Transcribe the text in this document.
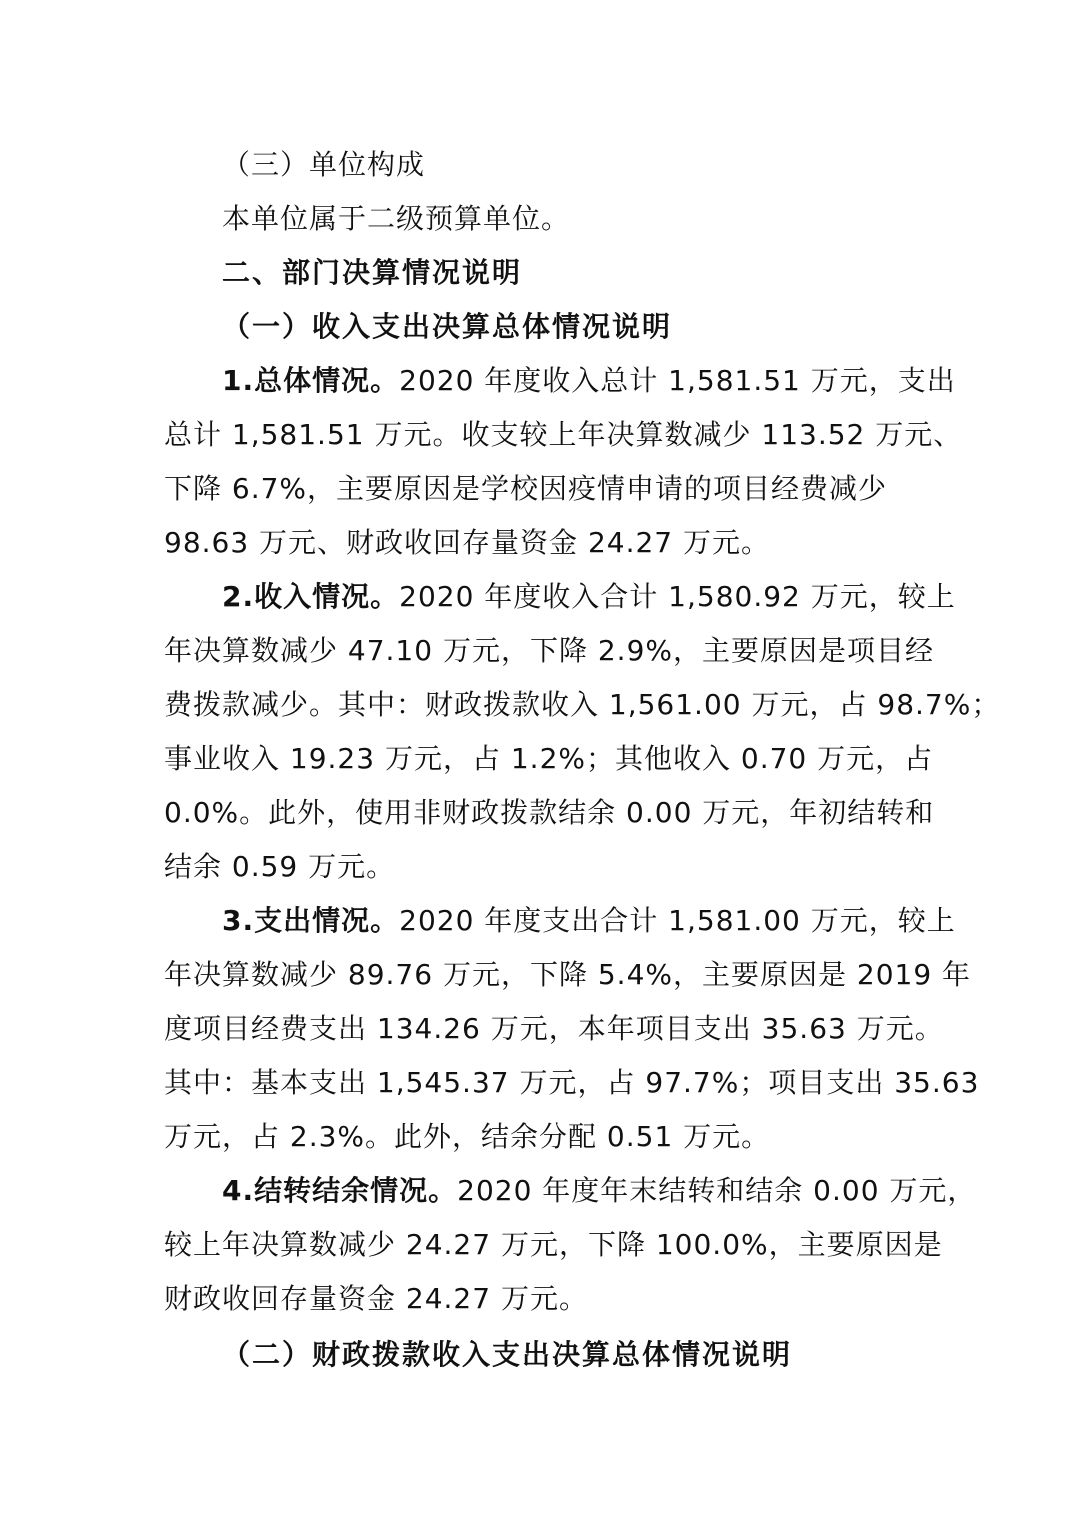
（三）单位构成

本单位属于二级预算单位。

二、部门决算情况说明

（一）收入支出决算总体情况说明

1.总体情况。2020 年度收入总计 1,581.51 万元，支出

总计 1,581.51 万元。收支较上年决算数减少 113.52 万元、

下降 6.7%，主要原因是学校因疫情申请的项目经费减少

98.63 万元、财政收回存量资金 24.27 万元。

2.收入情况。2020 年度收入合计 1,580.92 万元，较上

年决算数减少 47.10 万元，下降 2.9%，主要原因是项目经

费拨款减少。其中：财政拨款收入 1,561.00 万元，占 98.7%；

事业收入 19.23 万元，占 1.2%；其他收入 0.70 万元，占

0.0%。此外，使用非财政拨款结余 0.00 万元，年初结转和

结余 0.59 万元。

3.支出情况。2020 年度支出合计 1,581.00 万元，较上

年决算数减少 89.76 万元，下降 5.4%，主要原因是 2019 年

度项目经费支出 134.26 万元，本年项目支出 35.63 万元。

其中：基本支出 1,545.37 万元，占 97.7%；项目支出 35.63

万元，占 2.3%。此外，结余分配 0.51 万元。

4.结转结余情况。2020 年度年末结转和结余 0.00 万元，

较上年决算数减少 24.27 万元，下降 100.0%，主要原因是

财政收回存量资金 24.27 万元。

（二）财政拨款收入支出决算总体情况说明
